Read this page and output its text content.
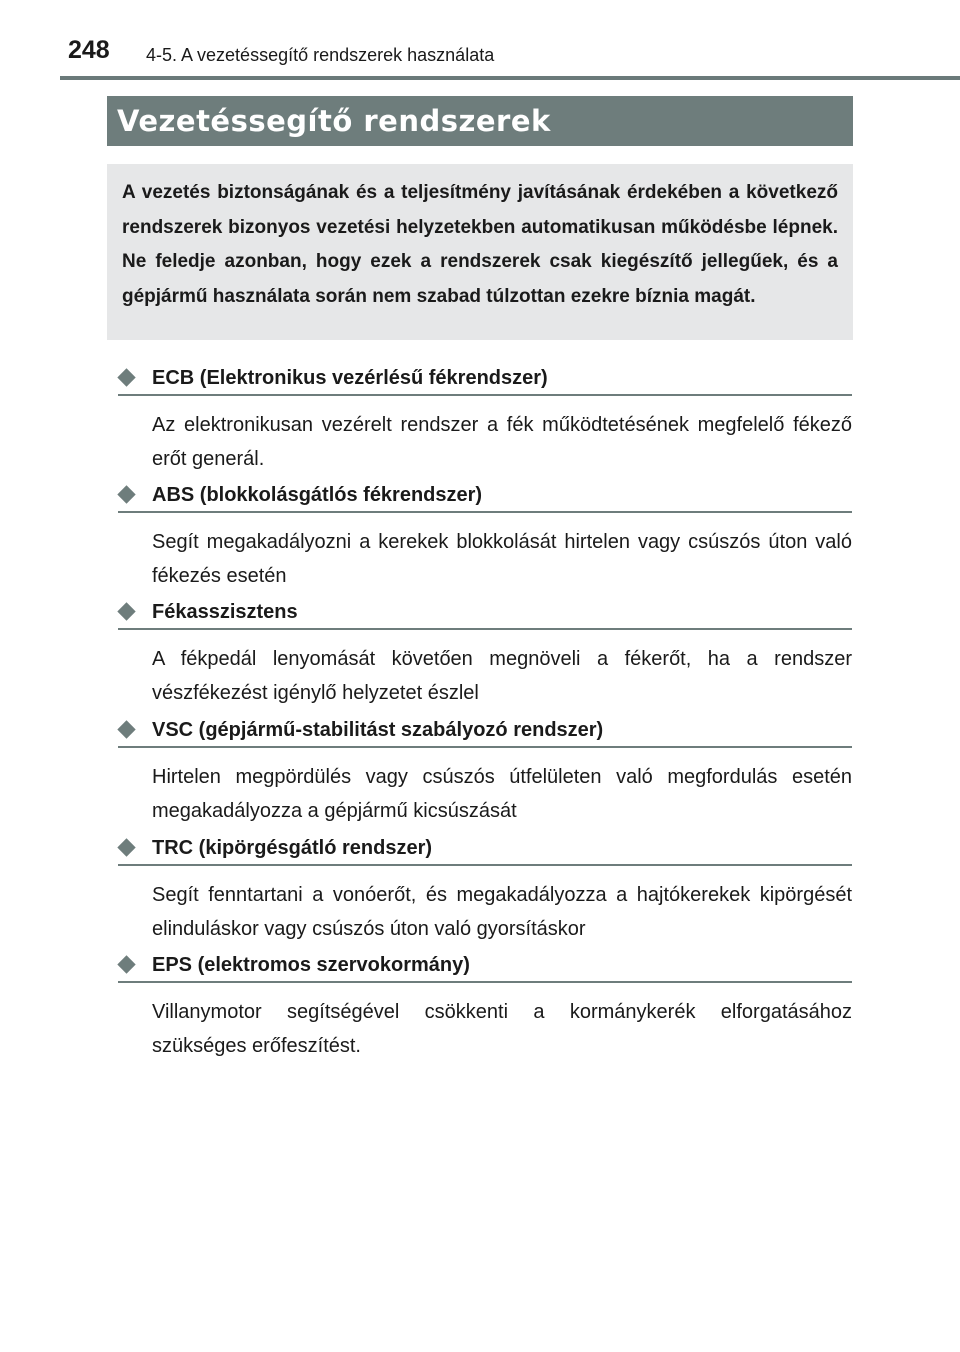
248 4-5. A vezetéssegítő rendszerek használata
Vezetéssegítő rendszerek

A vezetés biztonságának és a teljesítmény javításának érdekében a következő rendszerek bizonyos vezetési helyzetekben automatikusan működésbe lépnek. Ne feledje azonban, hogy ezek a rendszerek csak kiegészítő jellegűek, és a gépjármű használata során nem szabad túlzottan ezekre bíznia magát.

ECB (Elektronikus vezérlésű fékrendszer)

Az elektronikusan vezérelt rendszer a fék működtetésének megfelelő fékező erőt generál.

ABS (blokkolásgátlós fékrendszer)

Segít megakadályozni a kerekek blokkolását hirtelen vagy csúszós úton való fékezés esetén

Fékasszisztens

A fékpedál lenyomását követően megnöveli a fékerőt, ha a rendszer vészfékezést igénylő helyzetet észlel

VSC (gépjármű-stabilitást szabályozó rendszer)

Hirtelen megpördülés vagy csúszós útfelületen való megfordulás esetén megakadályozza a gépjármű kicsúszását

TRC (kipörgésgátló rendszer)

Segít fenntartani a vonóerőt, és megakadályozza a hajtókerekek kipörgését elinduláskor vagy csúszós úton való gyorsításkor

EPS (elektromos szervokormány)

Villanymotor segítségével csökkenti a kormánykerék elforgatásához szükséges erőfeszítést.
